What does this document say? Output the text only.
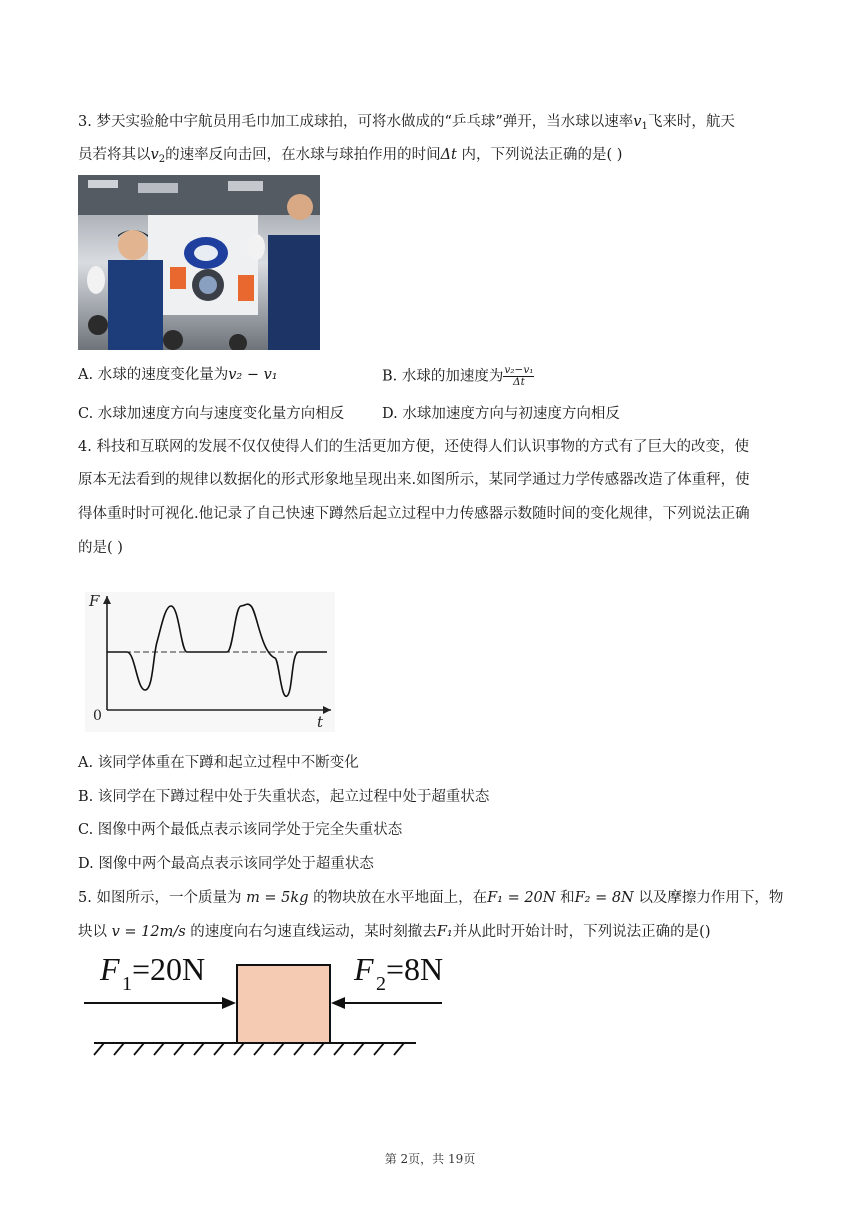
3. 梦天实验舱中宇航员用毛巾加工成球拍，可将水做成的“乒乓球”弹开，当水球以速率$v_1$飞来时，航天
员若将其以$v_2$的速率反向击回，在水球与球拍作用的时间Δt 内，下列说法正确的是( )
A. 水球的速度变化量为v₂ − v₁	B. 水球的加速度为 $\frac{\text{v₂−v₁}}{\Delta t}$
C. 水球加速度方向与速度变化量方向相反	D. 水球加速度方向与初速度方向相反
4. 科技和互联网的发展不仅仅使得人们的生活更加方便，还使得人们认识事物的方式有了巨大的改变，使
原本无法看到的规律以数据化的形式形象地呈现出来.如图所示，某同学通过力学传感器改造了体重秤，使
得体重时时可视化.他记录了自己快速下蹲然后起立过程中力传感器示数随时间的变化规律，下列说法正确
的是( )
F
t
0
A. 该同学体重在下蹲和起立过程中不断变化
B. 该同学在下蹲过程中处于失重状态，起立过程中处于超重状态
C. 图像中两个最低点表示该同学处于完全失重状态
D. 图像中两个最高点表示该同学处于超重状态
5. 如图所示，一个质量为 m = 5kg 的物块放在水平地面上，在F₁ = 20N 和F₂ = 8N 以及摩擦力作用下，物
块以 v = 12m/s 的速度向右匀速直线运动，某时刻撤去F₁并从此时开始计时，下列说法正确的是()
F 1 =20N	F 2 =8N
第 2页，共 19页
